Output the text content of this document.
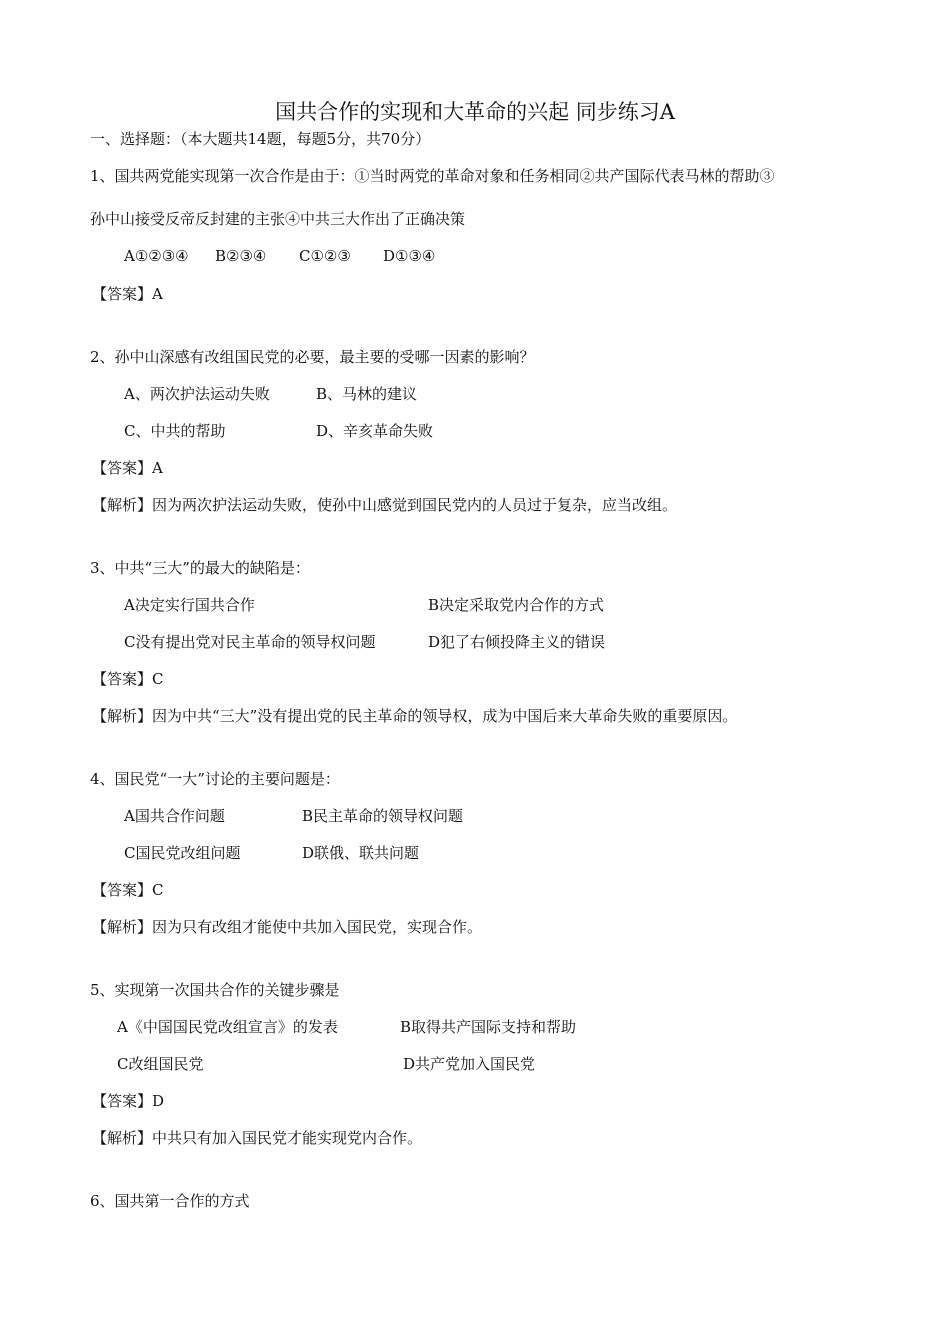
国共合作的实现和大革命的兴起 同步练习A
一、选择题：（本大题共14题，每题5分，共70分）
1、国共两党能实现第一次合作是由于：①当时两党的革命对象和任务相同②共产国际代表马林的帮助③
孙中山接受反帝反封建的主张④中共三大作出了正确决策
A①②③④ B②③④ C①②③ D①③④
【答案】A
2、孙中山深感有改组国民党的必要，最主要的受哪一因素的影响？
A、两次护法运动失败	B、马林的建议
C、中共的帮助	D、辛亥革命失败
【答案】A
【解析】因为两次护法运动失败，使孙中山感觉到国民党内的人员过于复杂，应当改组。
3、中共“三大”的最大的缺陷是：
A决定实行国共合作	B决定采取党内合作的方式
C没有提出党对民主革命的领导权问题	D犯了右倾投降主义的错误
【答案】C
【解析】因为中共“三大”没有提出党的民主革命的领导权，成为中国后来大革命失败的重要原因。
4、国民党“一大”讨论的主要问题是：
A国共合作问题	B民主革命的领导权问题
C国民党改组问题	D联俄、联共问题
【答案】C
【解析】因为只有改组才能使中共加入国民党，实现合作。
5、实现第一次国共合作的关键步骤是
A《中国国民党改组宣言》的发表	B取得共产国际支持和帮助
C改组国民党	D共产党加入国民党
【答案】D
【解析】中共只有加入国民党才能实现党内合作。
6、国共第一合作的方式
